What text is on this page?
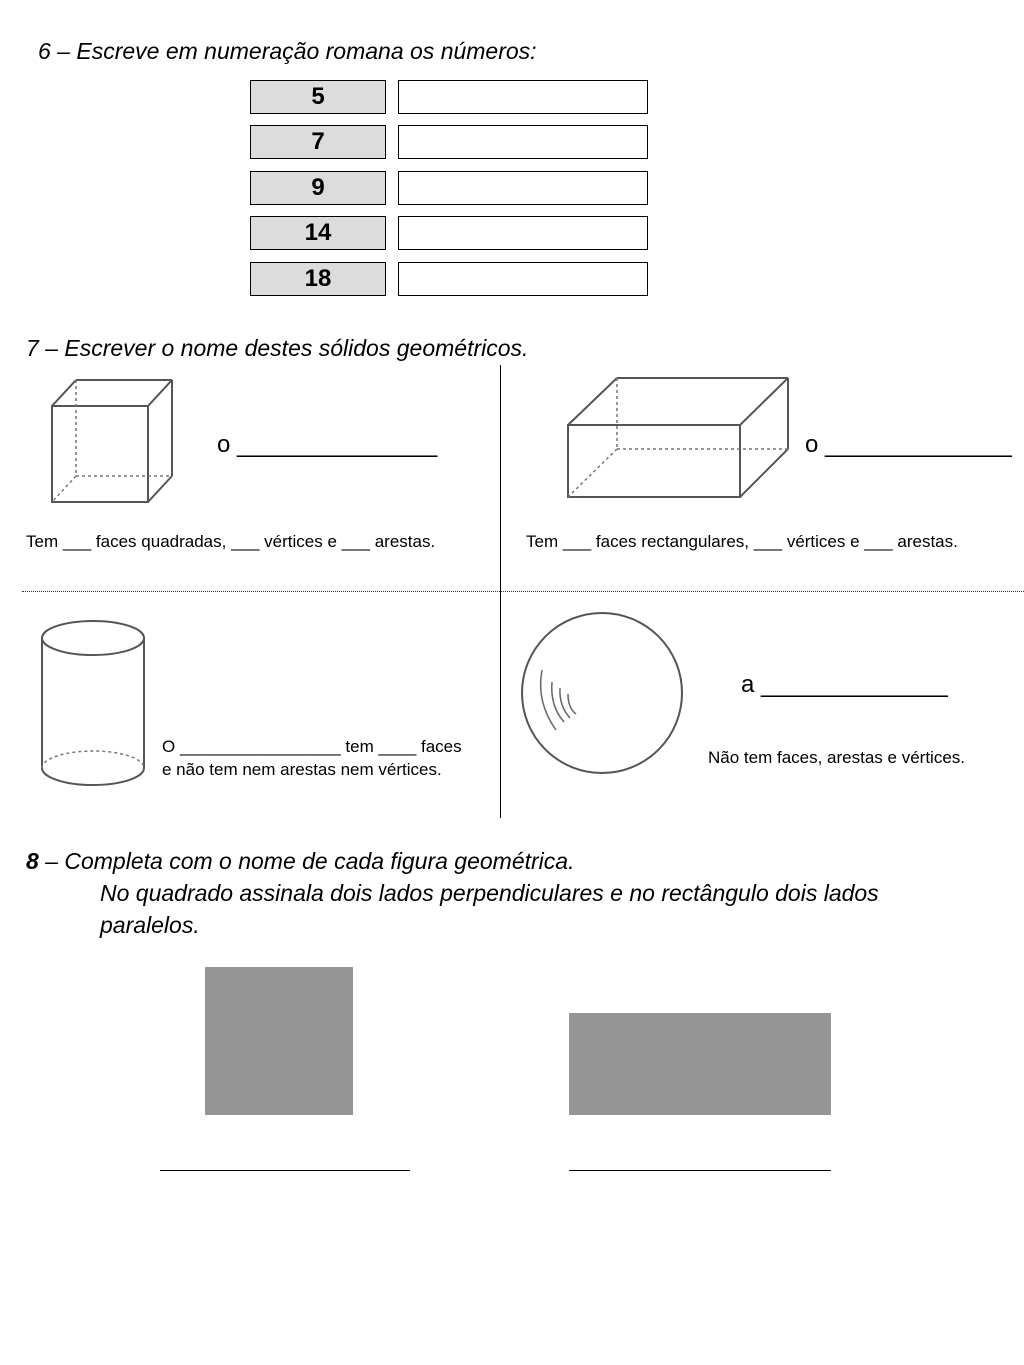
6 – Escreve em numeração romana os números:
5
7
9
14
18
7 – Escrever o nome destes sólidos geométricos.
o _______________
Tem ___ faces quadradas, ___ vértices e ___ arestas.
o ______________
Tem ___ faces rectangulares, ___ vértices e ___ arestas.
O _________________ tem ____ faces
e não tem nem arestas nem vértices.
a ______________
Não tem faces, arestas e vértices.
8 – Completa com o nome de cada figura geométrica.
No quadrado assinala dois lados perpendiculares e no rectângulo dois lados
paralelos.
